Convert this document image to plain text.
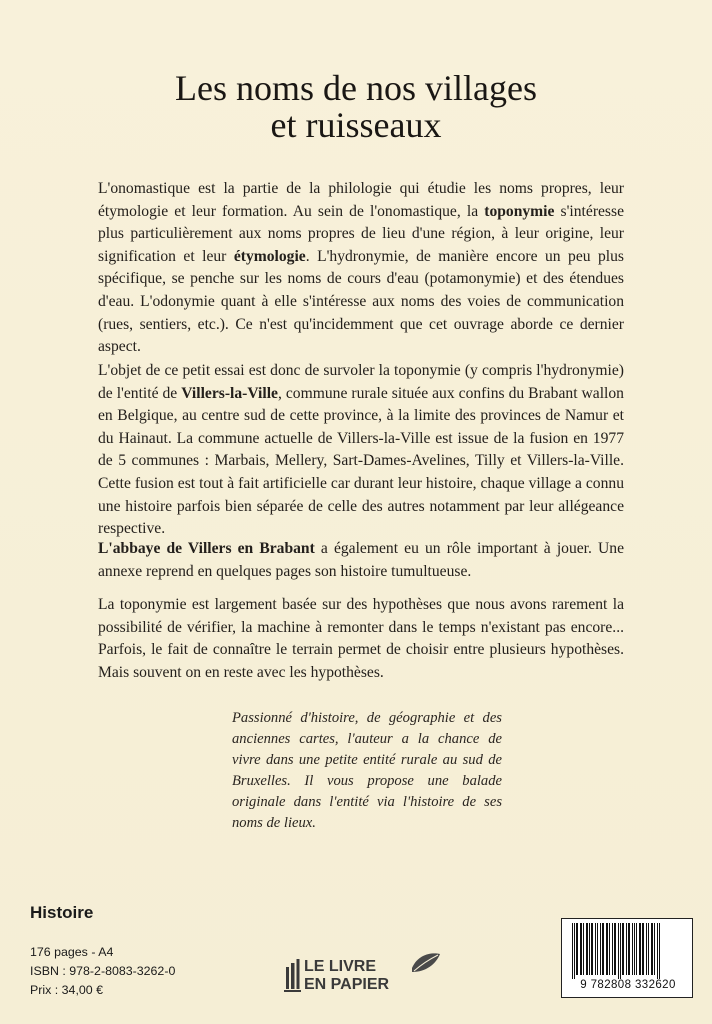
Les noms de nos villages
et ruisseaux

L'onomastique est la partie de la philologie qui étudie les noms propres, leur étymologie et leur formation. Au sein de l'onomastique, la toponymie s'intéresse plus particulièrement aux noms propres de lieu d'une région, à leur origine, leur signification et leur étymologie. L'hydronymie, de manière encore un peu plus spécifique, se penche sur les noms de cours d'eau (potamonymie) et des étendues d'eau. L'odonymie quant à elle s'intéresse aux noms des voies de communication (rues, sentiers, etc.). Ce n'est qu'incidemment que cet ouvrage aborde ce dernier aspect.

L'objet de ce petit essai est donc de survoler la toponymie (y compris l'hydronymie) de l'entité de Villers-la-Ville, commune rurale située aux confins du Brabant wallon en Belgique, au centre sud de cette province, à la limite des provinces de Namur et du Hainaut. La commune actuelle de Villers-la-Ville est issue de la fusion en 1977 de 5 communes : Marbais, Mellery, Sart-Dames-Avelines, Tilly et Villers-la-Ville. Cette fusion est tout à fait artificielle car durant leur histoire, chaque village a connu une histoire parfois bien séparée de celle des autres notamment par leur allégeance respective.

L'abbaye de Villers en Brabant a également eu un rôle important à jouer. Une annexe reprend en quelques pages son histoire tumultueuse.

La toponymie est largement basée sur des hypothèses que nous avons rarement la possibilité de vérifier, la machine à remonter dans le temps n'existant pas encore... Parfois, le fait de connaître le terrain permet de choisir entre plusieurs hypothèses. Mais souvent on en reste avec les hypothèses.

Passionné d'histoire, de géographie et des anciennes cartes, l'auteur a la chance de vivre dans une petite entité rurale au sud de Bruxelles. Il vous propose une balade originale dans l'entité via l'histoire de ses noms de lieux.
Histoire
176 pages - A4
ISBN : 978-2-8083-3262-0
Prix : 34,00 €
LE LIVRE
EN PAPIER	9 782808 332620
